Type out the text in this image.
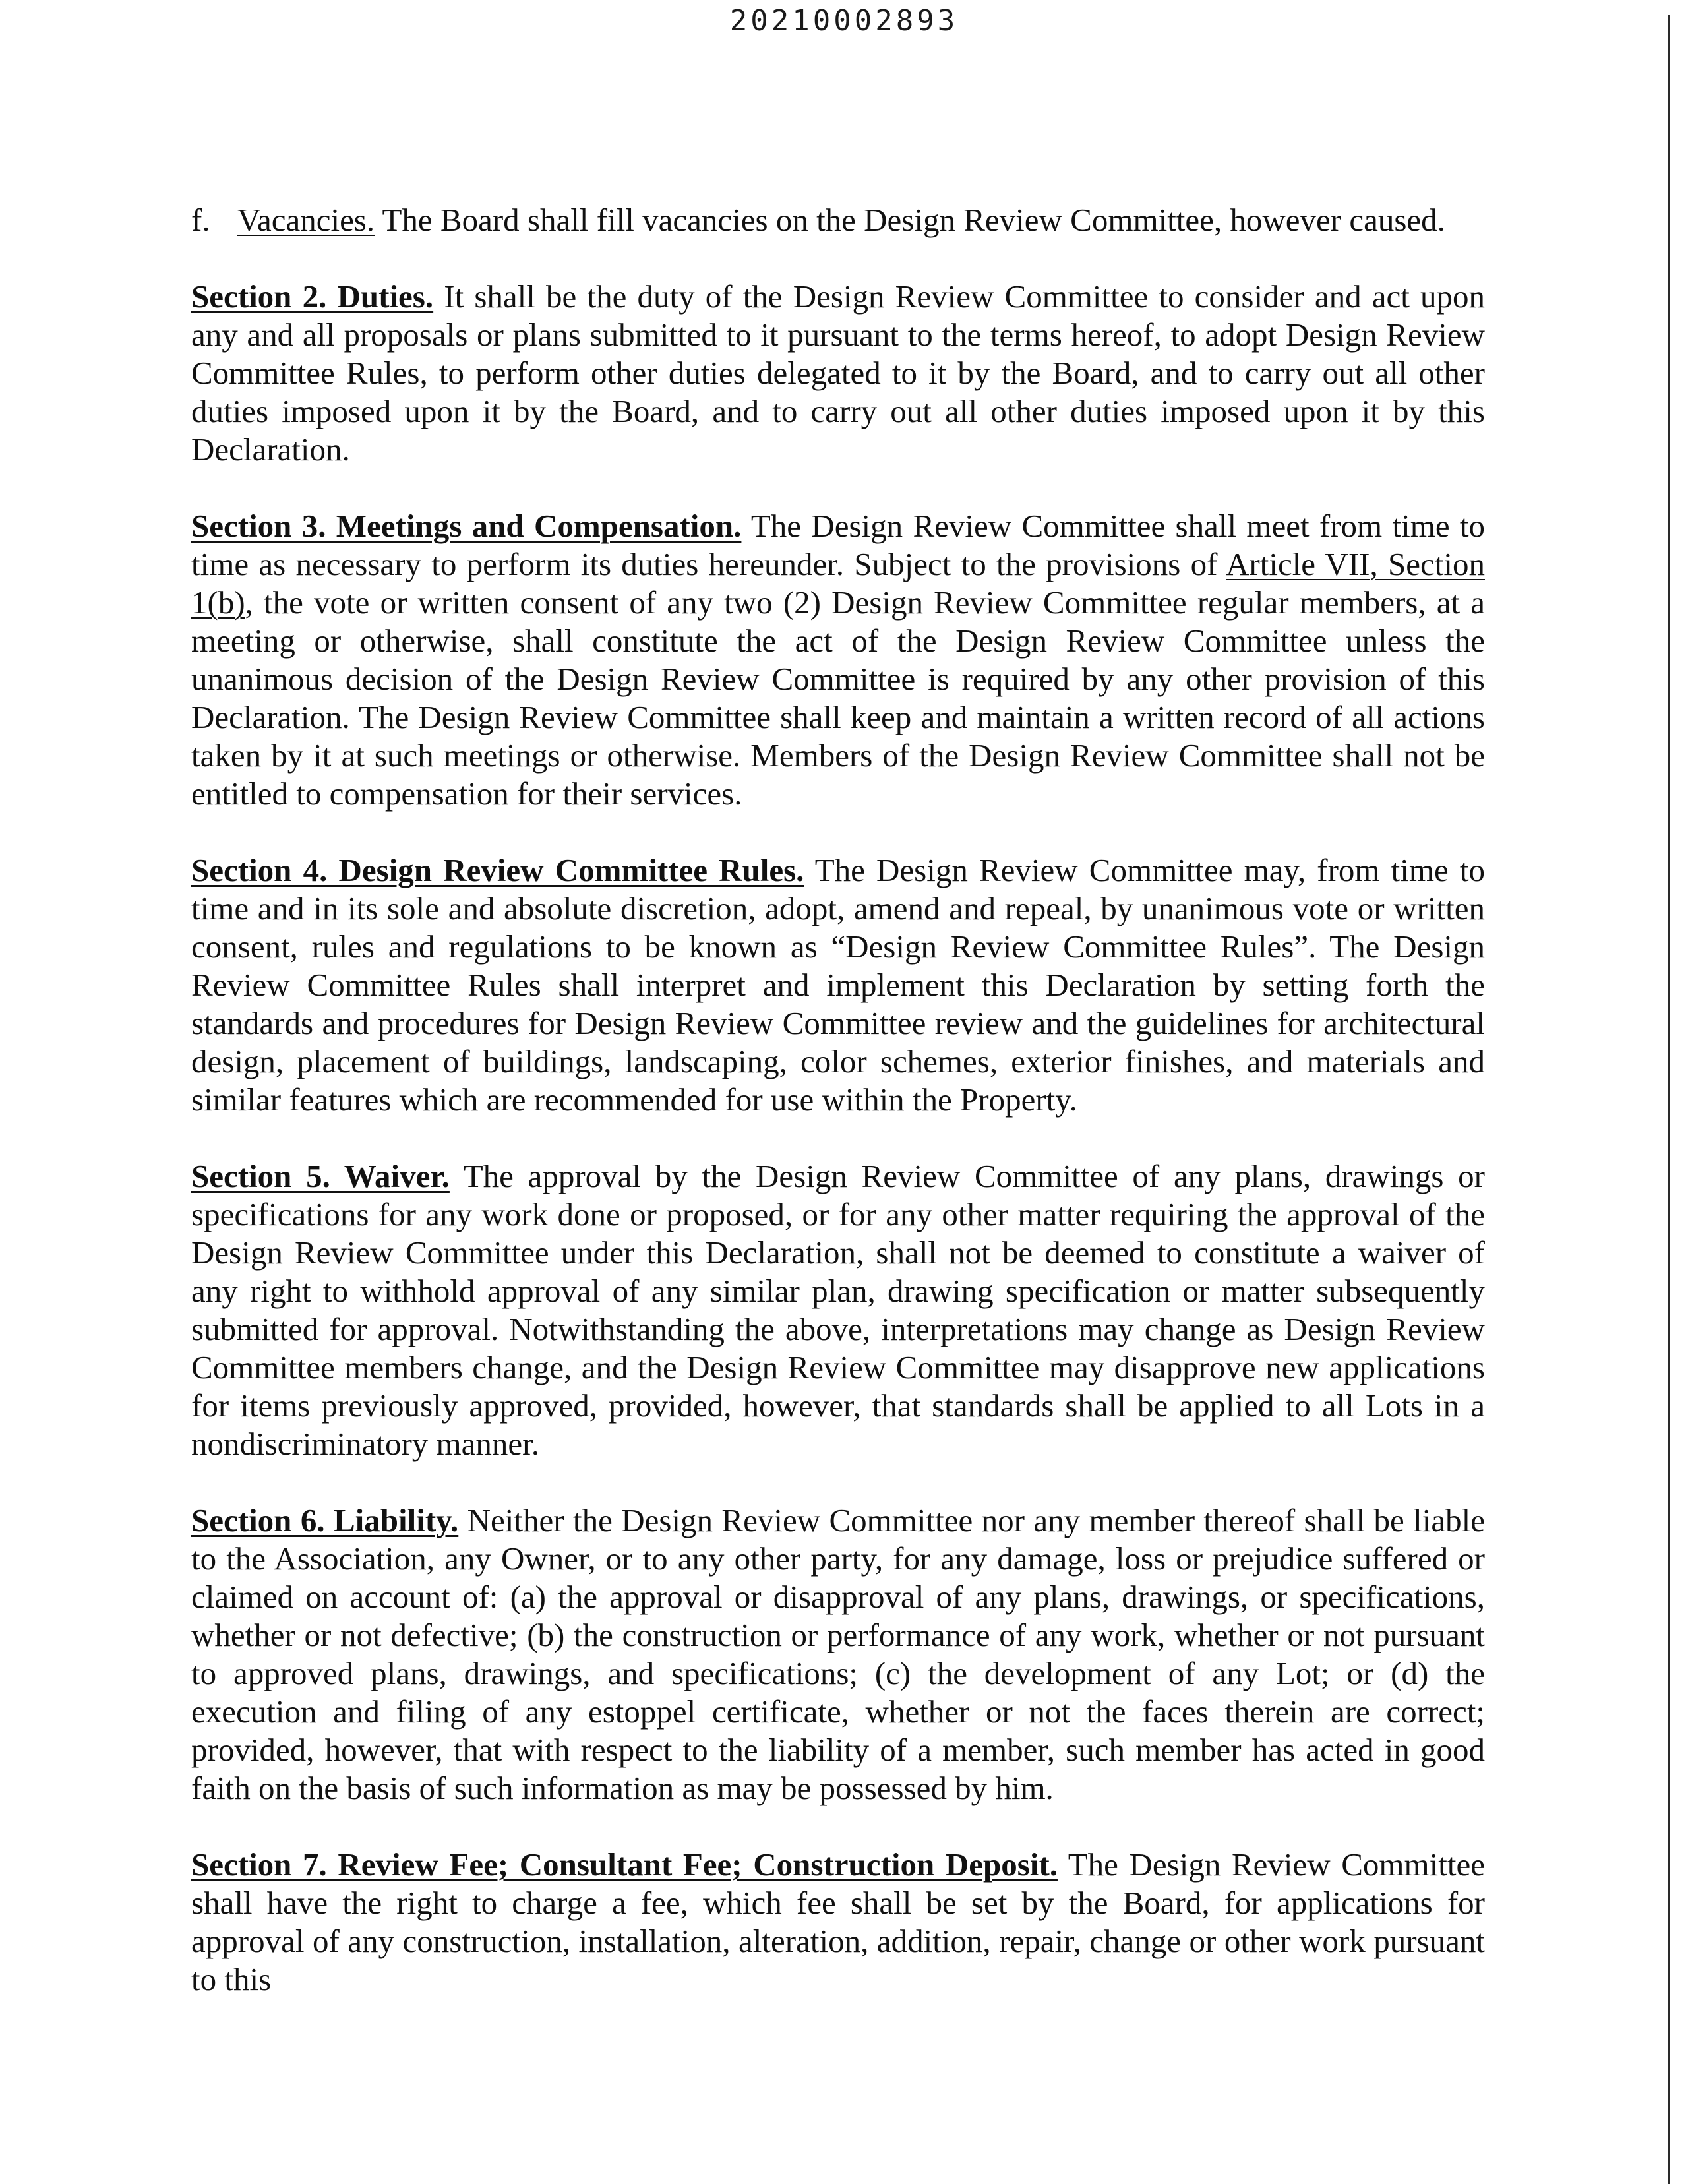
20210002893

f. Vacancies. The Board shall fill vacancies on the Design Review Committee, however caused.

Section 2. Duties. It shall be the duty of the Design Review Committee to consider and act upon any and all proposals or plans submitted to it pursuant to the terms hereof, to adopt Design Review Committee Rules, to perform other duties delegated to it by the Board, and to carry out all other duties imposed upon it by the Board, and to carry out all other duties imposed upon it by this Declaration.

Section 3. Meetings and Compensation. The Design Review Committee shall meet from time to time as necessary to perform its duties hereunder. Subject to the provisions of Article VII, Section 1(b), the vote or written consent of any two (2) Design Review Committee regular members, at a meeting or otherwise, shall constitute the act of the Design Review Committee unless the unanimous decision of the Design Review Committee is required by any other provision of this Declaration. The Design Review Committee shall keep and maintain a written record of all actions taken by it at such meetings or otherwise. Members of the Design Review Committee shall not be entitled to compensation for their services.

Section 4. Design Review Committee Rules. The Design Review Committee may, from time to time and in its sole and absolute discretion, adopt, amend and repeal, by unanimous vote or written consent, rules and regulations to be known as “Design Review Committee Rules”. The Design Review Committee Rules shall interpret and implement this Declaration by setting forth the standards and procedures for Design Review Committee review and the guidelines for architectural design, placement of buildings, landscaping, color schemes, exterior finishes, and materials and similar features which are recommended for use within the Property.

Section 5. Waiver. The approval by the Design Review Committee of any plans, drawings or specifications for any work done or proposed, or for any other matter requiring the approval of the Design Review Committee under this Declaration, shall not be deemed to constitute a waiver of any right to withhold approval of any similar plan, drawing specification or matter subsequently submitted for approval. Notwithstanding the above, interpretations may change as Design Review Committee members change, and the Design Review Committee may disapprove new applications for items previously approved, provided, however, that standards shall be applied to all Lots in a nondiscriminatory manner.

Section 6. Liability. Neither the Design Review Committee nor any member thereof shall be liable to the Association, any Owner, or to any other party, for any damage, loss or prejudice suffered or claimed on account of: (a) the approval or disapproval of any plans, drawings, or specifications, whether or not defective; (b) the construction or performance of any work, whether or not pursuant to approved plans, drawings, and specifications; (c) the development of any Lot; or (d) the execution and filing of any estoppel certificate, whether or not the faces therein are correct; provided, however, that with respect to the liability of a member, such member has acted in good faith on the basis of such information as may be possessed by him.

Section 7. Review Fee; Consultant Fee; Construction Deposit. The Design Review Committee shall have the right to charge a fee, which fee shall be set by the Board, for applications for approval of any construction, installation, alteration, addition, repair, change or other work pursuant to this
